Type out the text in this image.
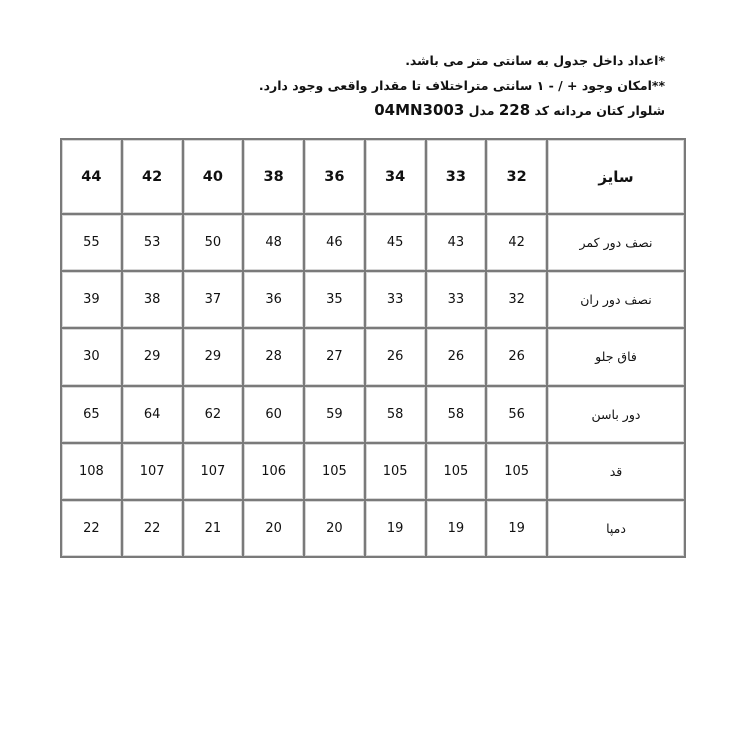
*اعداد داخل جدول به سانتی متر می باشد.
**امکان وجود + / - ۱ سانتی متراختلاف تا مقدار واقعی وجود دارد.
شلوار کتان مردانه کد 228 مدل 04MN3003
سایز	32	33	34	36	38	40	42	44
نصف دور کمر	42	43	45	46	48	50	53	55
نصف دور ران	32	33	33	35	36	37	38	39
فاق جلو	26	26	26	27	28	29	29	30
دور باسن	56	58	58	59	60	62	64	65
قد	105	105	105	105	106	107	107	108
دمپا	19	19	19	20	20	21	22	22
